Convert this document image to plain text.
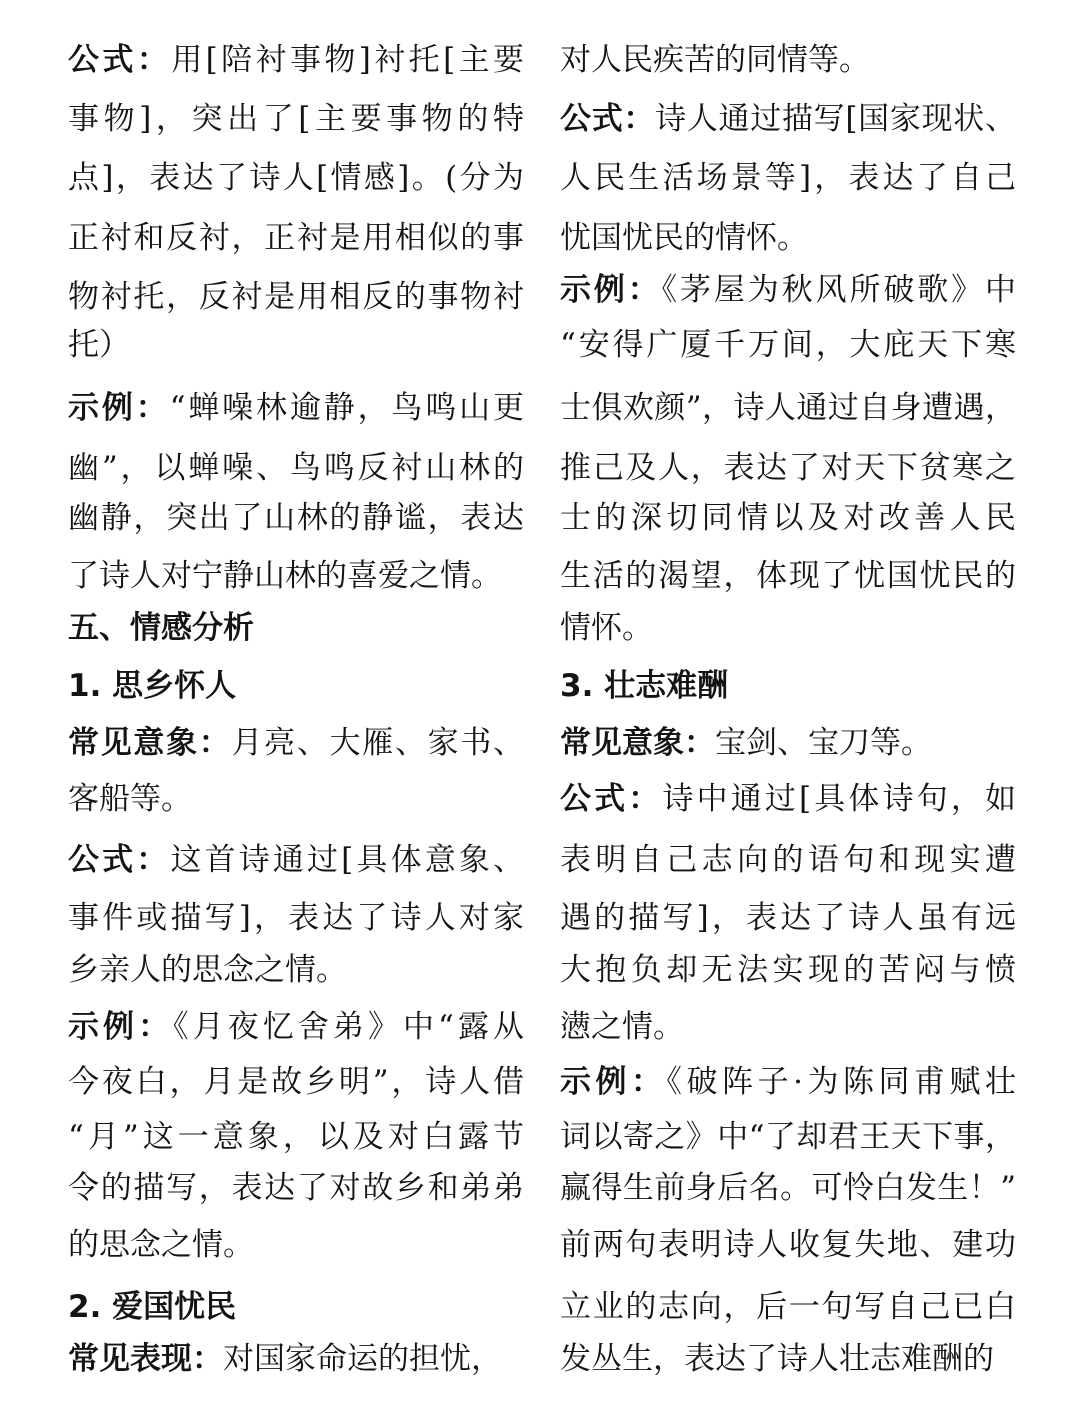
公式：用[陪衬事物]衬托[主要
事物]，突出了[主要事物的特
点]，表达了诗人[情感]。(分为
正衬和反衬，正衬是用相似的事
物衬托，反衬是用相反的事物衬
托）
示例：“蝉噪林逾静，鸟鸣山更
幽”，以蝉噪、鸟鸣反衬山林的
幽静，突出了山林的静谧，表达
了诗人对宁静山林的喜爱之情。
五、情感分析
1. 思乡怀人
常见意象：月亮、大雁、家书、
客船等。
公式：这首诗通过[具体意象、
事件或描写]，表达了诗人对家
乡亲人的思念之情。
示例：《月夜忆舍弟》中“露从
今夜白，月是故乡明”，诗人借
“月”这一意象，以及对白露节
令的描写，表达了对故乡和弟弟
的思念之情。
2. 爱国忧民
常见表现：对国家命运的担忧，
对人民疾苦的同情等。
公式：诗人通过描写[国家现状、
人民生活场景等]，表达了自己
忧国忧民的情怀。
示例：《茅屋为秋风所破歌》中
“安得广厦千万间，大庇天下寒
士俱欢颜”，诗人通过自身遭遇，
推己及人，表达了对天下贫寒之
士的深切同情以及对改善人民
生活的渴望，体现了忧国忧民的
情怀。
3. 壮志难酬
常见意象：宝剑、宝刀等。
公式：诗中通过[具体诗句，如
表明自己志向的语句和现实遭
遇的描写]，表达了诗人虽有远
大抱负却无法实现的苦闷与愤
懑之情。
示例：《破阵子·为陈同甫赋壮
词以寄之》中“了却君王天下事，
赢得生前身后名。可怜白发生！”
前两句表明诗人收复失地、建功
立业的志向，后一句写自己已白
发丛生，表达了诗人壮志难酬的
